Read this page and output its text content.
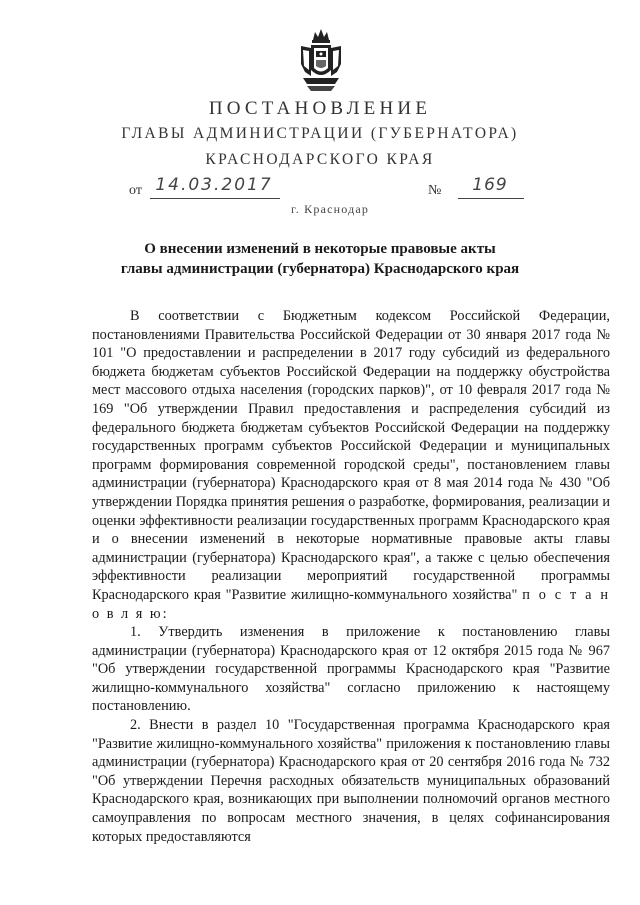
ПОСТАНОВЛЕНИЕ
ГЛАВЫ АДМИНИСТРАЦИИ (ГУБЕРНАТОРА)
КРАСНОДАРСКОГО КРАЯ
от 14.03.2017	№	169
г. Краснодар
О внесении изменений в некоторые правовые акты
главы администрации (губернатора) Краснодарского края

В соответствии с Бюджетным кодексом Российской Федерации, постановлениями Правительства Российской Федерации от 30 января 2017 года № 101 "О предоставлении и распределении в 2017 году субсидий из федерального бюджета бюджетам субъектов Российской Федерации на поддержку обустройства мест массового отдыха населения (городских парков)", от 10 февраля 2017 года № 169 "Об утверждении Правил предоставления и распределения субсидий из федерального бюджета бюджетам субъектов Российской Федерации на поддержку государственных программ субъектов Российской Федерации и муниципальных программ формирования современной городской среды", постановлением главы администрации (губернатора) Краснодарского края от 8 мая 2014 года № 430 "Об утверждении Порядка принятия решения о разработке, формирования, реализации и оценки эффективности реализации государственных программ Краснодарского края и о внесении изменений в некоторые нормативные правовые акты главы администрации (губернатора) Краснодарского края", а также с целью обеспечения эффективности реализации мероприятий государственной программы Краснодарского края "Развитие жилищно-коммунального хозяйства" п о с т а н о в л я ю:

1. Утвердить изменения в приложение к постановлению главы администрации (губернатора) Краснодарского края от 12 октября 2015 года № 967 "Об утверждении государственной программы Краснодарского края "Развитие жилищно-коммунального хозяйства" согласно приложению к настоящему постановлению.

2. Внести в раздел 10 "Государственная программа Краснодарского края "Развитие жилищно-коммунального хозяйства" приложения к постановлению главы администрации (губернатора) Краснодарского края от 20 сентября 2016 года № 732 "Об утверждении Перечня расходных обязательств муниципальных образований Краснодарского края, возникающих при выполнении полномочий органов местного самоуправления по вопросам местного значения, в целях софинансирования которых предоставляются
